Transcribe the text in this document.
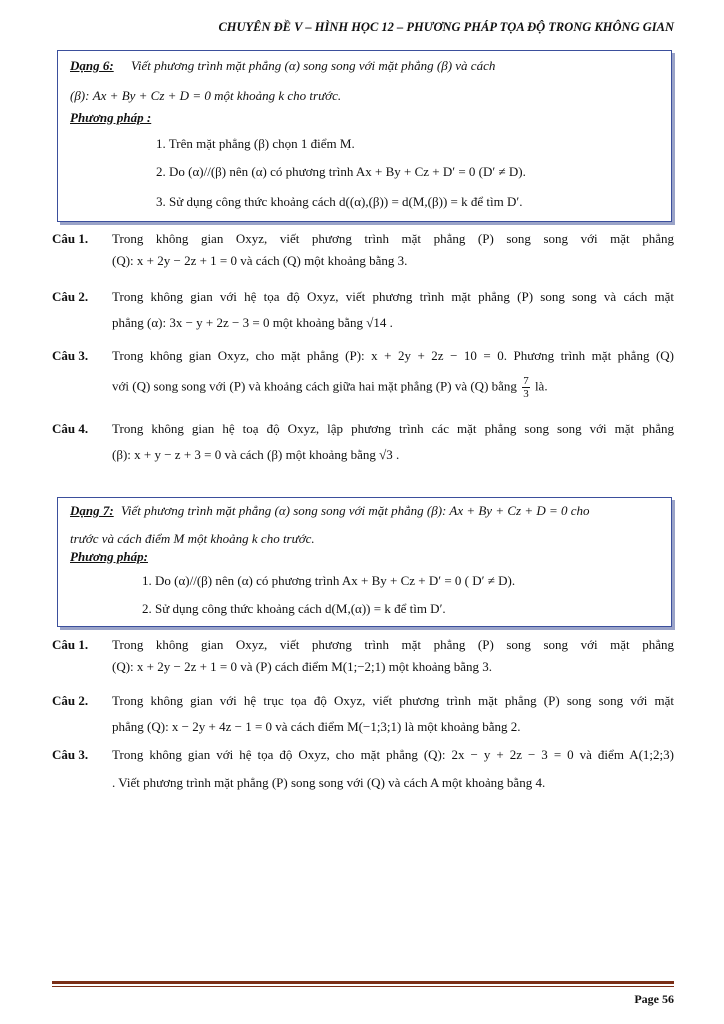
CHUYÊN ĐỀ V – HÌNH HỌC 12 – PHƯƠNG PHÁP TỌA ĐỘ TRONG KHÔNG GIAN
Dạng 6: Viết phương trình mặt phẳng (α) song song với mặt phẳng (β) và cách
(β): Ax + By + Cz + D = 0 một khoảng k cho trước.
Phương pháp :
1. Trên mặt phẳng (β) chọn 1 điểm M.
2. Do (α)//(β) nên (α) có phương trình Ax + By + Cz + D′ = 0 (D′ ≠ D).
3. Sử dụng công thức khoảng cách d((α),(β)) = d(M,(β)) = k để tìm D′.
Câu 1.	Trong không gian Oxyz, viết phương trình mặt phẳng (P) song song với mặt phẳng
(Q): x + 2y − 2z + 1 = 0 và cách (Q) một khoảng bằng 3.
Câu 2.	Trong không gian với hệ tọa độ Oxyz, viết phương trình mặt phẳng (P) song song và cách mặt
phẳng (α): 3x − y + 2z − 3 = 0 một khoảng bằng √14 .
Câu 3.	Trong không gian Oxyz, cho mặt phẳng (P): x + 2y + 2z − 10 = 0. Phương trình mặt phẳng (Q)
với (Q) song song với (P) và khoảng cách giữa hai mặt phẳng (P) và (Q) bằng $\frac{7}{3}$ là.
Câu 4.	Trong không gian hệ toạ độ Oxyz, lập phương trình các mặt phẳng song song với mặt phẳng
(β): x + y − z + 3 = 0 và cách (β) một khoảng bằng √3 .
Dạng 7: Viết phương trình mặt phẳng (α) song song với mặt phẳng (β): Ax + By + Cz + D = 0 cho
trước và cách điểm M một khoảng k cho trước.
Phương pháp:
1. Do (α)//(β) nên (α) có phương trình Ax + By + Cz + D′ = 0 ( D′ ≠ D).
2. Sử dụng công thức khoảng cách d(M,(α)) = k để tìm D′.
Câu 1.	Trong không gian Oxyz, viết phương trình mặt phẳng (P) song song với mặt phẳng
(Q): x + 2y − 2z + 1 = 0 và (P) cách điểm M(1;−2;1) một khoảng bằng 3.
Câu 2.	Trong không gian với hệ trục tọa độ Oxyz, viết phương trình mặt phẳng (P) song song với mặt
phẳng (Q): x − 2y + 4z − 1 = 0 và cách điểm M(−1;3;1) là một khoảng bằng 2.
Câu 3.	Trong không gian với hệ tọa độ Oxyz, cho mặt phẳng (Q): 2x − y + 2z − 3 = 0 và điểm A(1;2;3)
. Viết phương trình mặt phẳng (P) song song với (Q) và cách A một khoảng bằng 4.
Page 56
